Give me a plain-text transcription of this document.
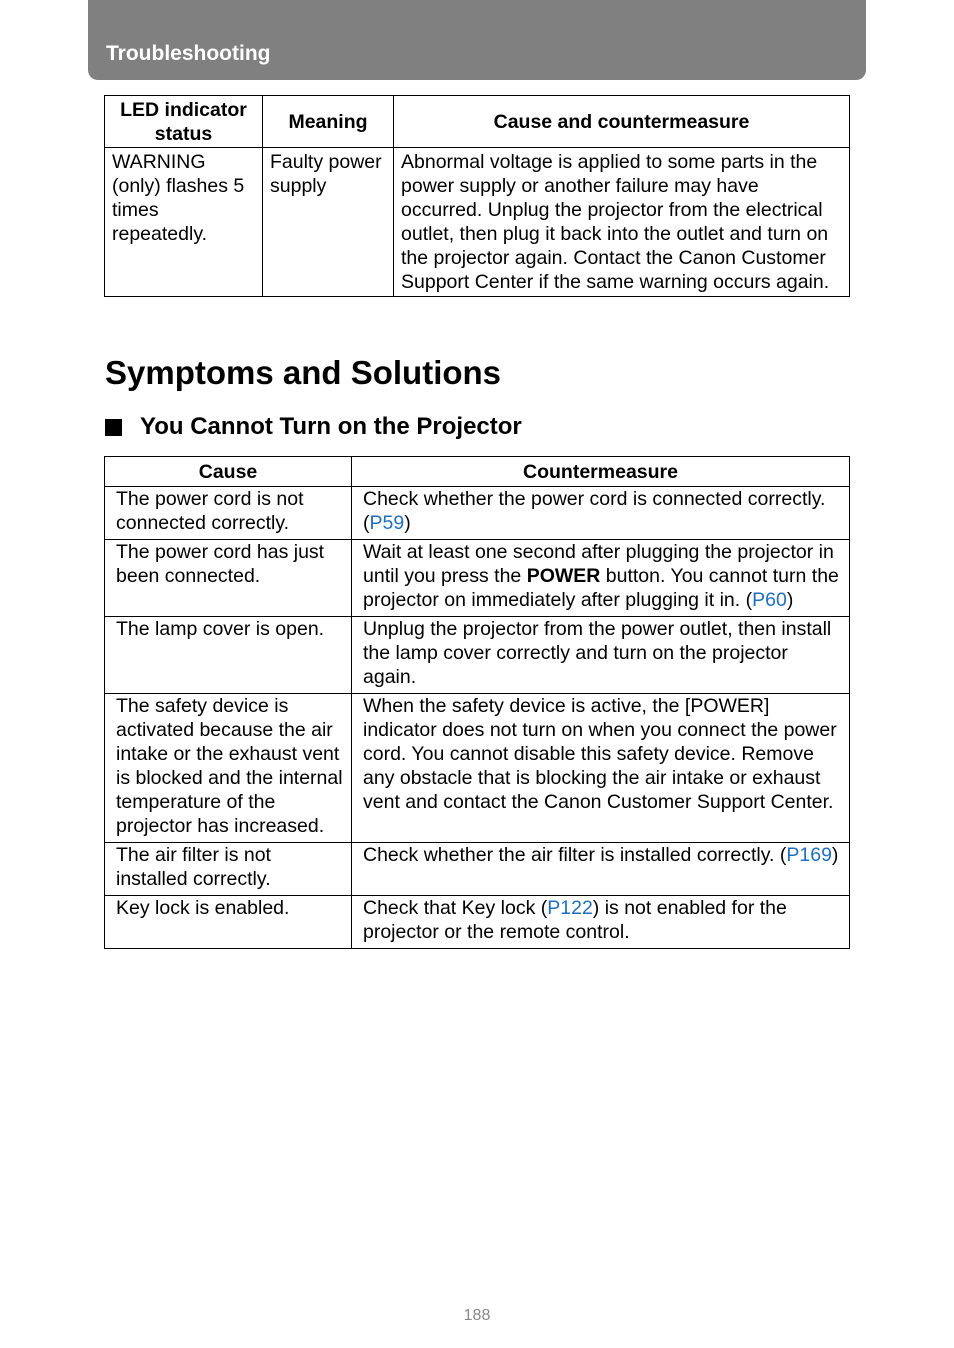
Troubleshooting
LED indicator status	Meaning	Cause and countermeasure
WARNING (only) flashes 5 times repeatedly.	Faulty power supply	Abnormal voltage is applied to some parts in the power supply or another failure may have occurred. Unplug the projector from the electrical outlet, then plug it back into the outlet and turn on the projector again. Contact the Canon Customer Support Center if the same warning occurs again.
Symptoms and Solutions
You Cannot Turn on the Projector
Cause	Countermeasure
The power cord is not connected correctly.	Check whether the power cord is connected correctly. (P59)
The power cord has just been connected.	Wait at least one second after plugging the projector in until you press the POWER button. You cannot turn the projector on immediately after plugging it in. (P60)
The lamp cover is open.	Unplug the projector from the power outlet, then install the lamp cover correctly and turn on the projector again.
The safety device is activated because the air intake or the exhaust vent is blocked and the internal temperature of the projector has increased.	When the safety device is active, the [POWER] indicator does not turn on when you connect the power cord. You cannot disable this safety device. Remove any obstacle that is blocking the air intake or exhaust vent and contact the Canon Customer Support Center.
The air filter is not installed correctly.	Check whether the air filter is installed correctly. (P169)
Key lock is enabled.	Check that Key lock (P122) is not enabled for the projector or the remote control.
188
